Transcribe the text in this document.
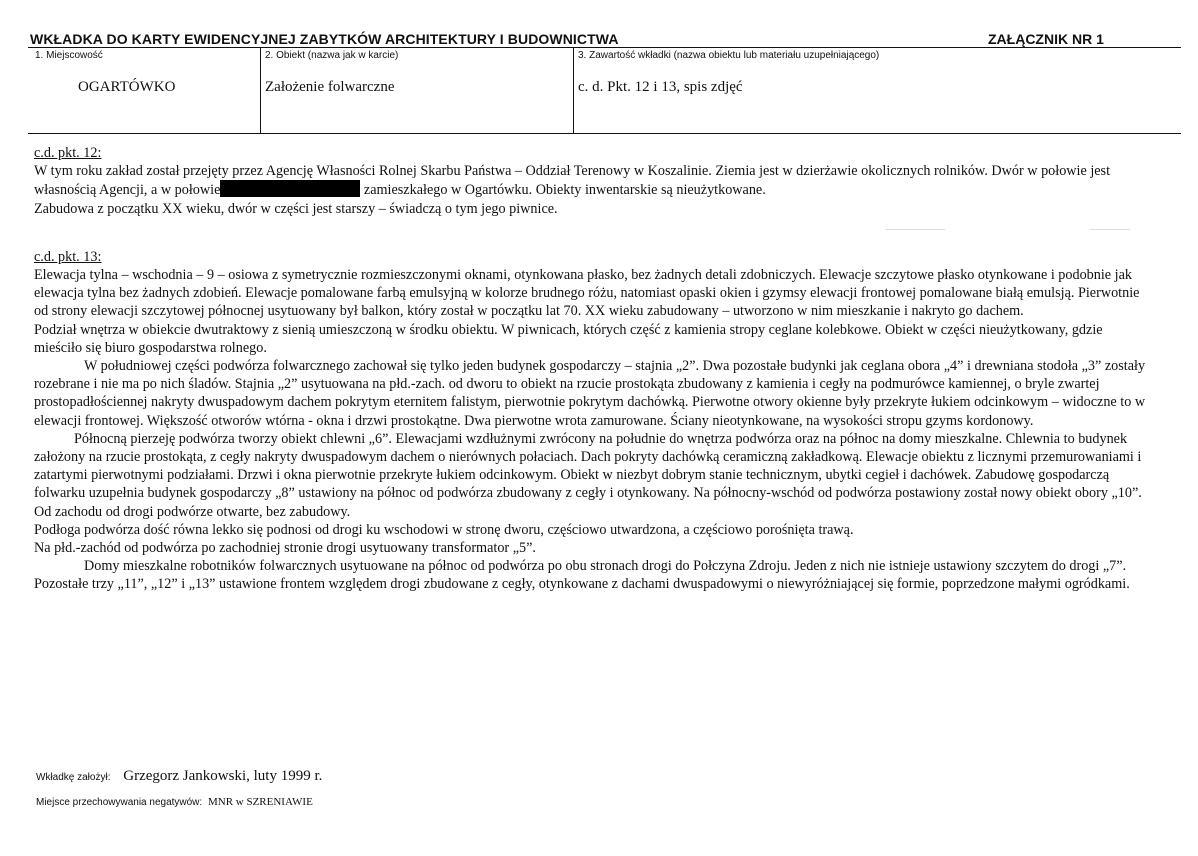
WKŁADKA DO KARTY EWIDENCYJNEJ ZABYTKÓW ARCHITEKTURY I BUDOWNICTWA	ZAŁĄCZNIK NR 1
1. Miejscowość	2. Obiekt (nazwa jak w karcie)	3. Zawartość wkładki (nazwa obiektu lub materiału uzupełniającego)
OGARTÓWKO	Założenie folwarczne	c. d. Pkt. 12 i 13, spis zdjęć

c.d. pkt. 12:

W tym roku zakład został przejęty przez Agencję Własności Rolnej Skarbu Państwa – Oddział Terenowy w Koszalinie. Ziemia jest w dzierżawie okolicznych rolników. Dwór w połowie jest własnością Agencji, a w połowie	zamieszkałego w Ogartówku. Obiekty inwentarskie są nieużytkowane.

Zabudowa z początku XX wieku, dwór w części jest starszy – świadczą o tym jego piwnice.

c.d. pkt. 13:

Elewacja tylna – wschodnia – 9 – osiowa z symetrycznie rozmieszczonymi oknami, otynkowana płasko, bez żadnych detali zdobniczych. Elewacje szczytowe płasko otynkowane i podobnie jak elewacja tylna bez żadnych zdobień. Elewacje pomalowane farbą emulsyjną w kolorze brudnego różu, natomiast opaski okien i gzymsy elewacji frontowej pomalowane białą emulsją. Pierwotnie od strony elewacji szczytowej północnej usytuowany był balkon, który został w początku lat 70. XX wieku zabudowany – utworzono w nim mieszkanie i nakryto go dachem.

Podział wnętrza w obiekcie dwutraktowy z sienią umieszczoną w środku obiektu. W piwnicach, których część z kamienia stropy ceglane kolebkowe. Obiekt w części nieużytkowany, gdzie mieściło się biuro gospodarstwa rolnego.

W południowej części podwórza folwarcznego zachował się tylko jeden budynek gospodarczy – stajnia „2”. Dwa pozostałe budynki jak ceglana obora „4” i drewniana stodoła „3” zostały rozebrane i nie ma po nich śladów. Stajnia „2” usytuowana na płd.-zach. od dworu to obiekt na rzucie prostokąta zbudowany z kamienia i cegły na podmurówce kamiennej, o bryle zwartej prostopadłościennej nakryty dwuspadowym dachem pokrytym eternitem falistym, pierwotnie pokrytym dachówką. Pierwotne otwory okienne były przekryte łukiem odcinkowym – widoczne to w elewacji frontowej. Większość otworów wtórna - okna i drzwi prostokątne. Dwa pierwotne wrota zamurowane. Ściany nieotynkowane, na wysokości stropu gzyms kordonowy.

Północną pierzeję podwórza tworzy obiekt chlewni „6”. Elewacjami wzdłużnymi zwrócony na południe do wnętrza podwórza oraz na północ na domy mieszkalne. Chlewnia to budynek założony na rzucie prostokąta, z cegły nakryty dwuspadowym dachem o nierównych połaciach. Dach pokryty dachówką ceramiczną zakładkową. Elewacje obiektu z licznymi przemurowaniami i zatartymi pierwotnymi podziałami. Drzwi i okna pierwotnie przekryte łukiem odcinkowym. Obiekt w niezbyt dobrym stanie technicznym, ubytki cegieł i dachówek. Zabudowę gospodarczą folwarku uzupełnia budynek gospodarczy „8” ustawiony na północ od podwórza zbudowany z cegły i otynkowany. Na północny-wschód od podwórza postawiony został nowy obiekt obory „10”. Od zachodu od drogi podwórze otwarte, bez zabudowy.

Podłoga podwórza dość równa lekko się podnosi od drogi ku wschodowi w stronę dworu, częściowo utwardzona, a częściowo porośnięta trawą.

Na płd.-zachód od podwórza po zachodniej stronie drogi usytuowany transformator „5”.

Domy mieszkalne robotników folwarcznych usytuowane na północ od podwórza po obu stronach drogi do Połczyna Zdroju. Jeden z nich nie istnieje ustawiony szczytem do drogi „7”. Pozostałe trzy „11”, „12” i „13” ustawione frontem względem drogi zbudowane z cegły, otynkowane z dachami dwuspadowymi o niewyróżniającej się formie, poprzedzone małymi ogródkami.

Wkładkę założył: Grzegorz Jankowski, luty 1999 r.
Miejsce przechowywania negatywów: MNR w SZRENIAWIE
